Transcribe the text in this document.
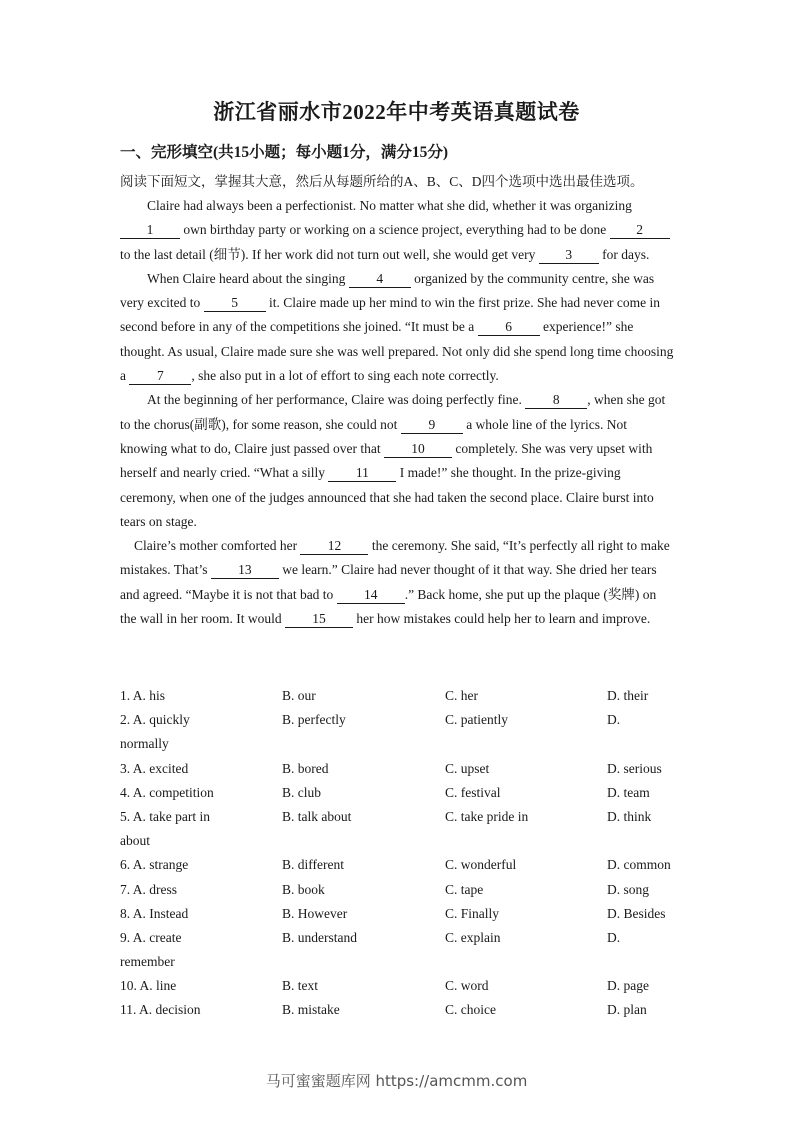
浙江省丽水市2022年中考英语真题试卷
一、完形填空(共15小题；每小题1分，满分15分)
阅读下面短文，掌握其大意，然后从每题所给的A、B、C、D四个选项中选出最佳选项。

Claire had always been a perfectionist. No matter what she did, whether it was organizing 1 own birthday party or working on a science project, everything had to be done 2 to the last detail (细节). If her work did not turn out well, she would get very 3 for days.

When Claire heard about the singing 4 organized by the community centre, she was very excited to 5 it. Claire made up her mind to win the first prize. She had never come in second before in any of the competitions she joined. “It must be a 6 experience!” she thought. As usual, Claire made sure she was well prepared. Not only did she spend long time choosing a 7 , she also put in a lot of effort to sing each note correctly.

At the beginning of her performance, Claire was doing perfectly fine. 8 , when she got to the chorus(副歌), for some reason, she could not 9 a whole line of the lyrics. Not knowing what to do, Claire just passed over that 10 completely. She was very upset with herself and nearly cried. “What a silly 11 I made!” she thought. In the prize-giving ceremony, when one of the judges announced that she had taken the second place. Claire burst into tears on stage.

Claire’s mother comforted her 12 the ceremony. She said, “It’s perfectly all right to make mistakes. That’s 13 we learn.” Claire had never thought of it that way. She dried her tears and agreed. “Maybe it is not that bad to 14 .” Back home, she put up the plaque (奖牌) on the wall in her room. It would 15 her how mistakes could help her to learn and improve.

1. A. his	B. our	C. her	D. their
2. A. quickly	B. perfectly	C. patiently	D.
normally
3. A. excited	B. bored	C. upset	D. serious
4. A. competition	B. club	C. festival	D. team
5. A. take part in	B. talk about	C. take pride in	D. think
about
6. A. strange	B. different	C. wonderful	D. common
7. A. dress	B. book	C. tape	D. song
8. A. Instead	B. However	C. Finally	D. Besides
9. A. create	B. understand	C. explain	D.
remember
10. A. line	B. text	C. word	D. page
11. A. decision	B. mistake	C. choice	D. plan
马可蜜蜜题库网 https://amcmm.com
